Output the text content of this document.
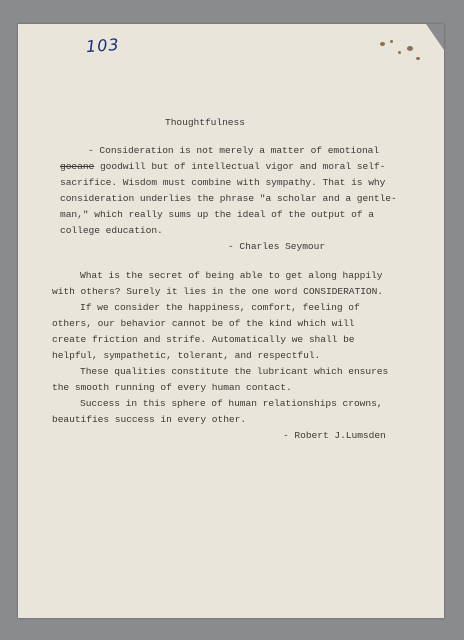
103

Thoughtfulness

- Consideration is not merely a matter of emotional

goeane goodwill but of intellectual vigor and moral self-

sacrifice. Wisdom must combine with sympathy. That is why

consideration underlies the phrase "a scholar and a gentle-

man," which really sums up the ideal of the output of a

college education.

- Charles Seymour

What is the secret of being able to get along happily

with others? Surely it lies in the one word CONSIDERATION.

If we consider the happiness, comfort, feeling of

others, our behavior cannot be of the kind which will

create friction and strife. Automatically we shall be

helpful, sympathetic, tolerant, and respectful.

These qualities constitute the lubricant which ensures

the smooth running of every human contact.

Success in this sphere of human relationships crowns,

beautifies success in every other.

- Robert J.Lumsden
